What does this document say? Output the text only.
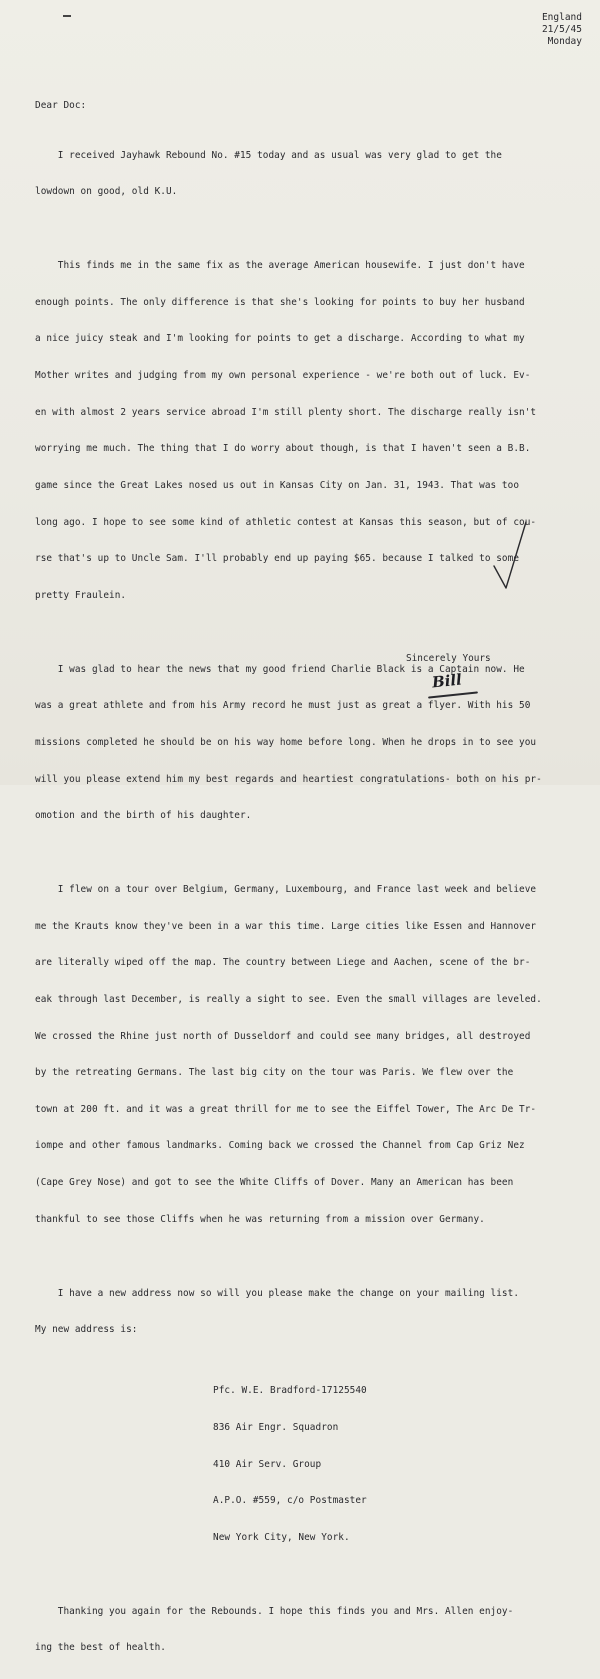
England
21/5/45
Monday
Dear Doc:

I received Jayhawk Rebound No. #15 today and as usual was very glad to get the

lowdown on good, old K.U.

This finds me in the same fix as the average American housewife. I just don't have

enough points. The only difference is that she's looking for points to buy her husband

a nice juicy steak and I'm looking for points to get a discharge. According to what my

Mother writes and judging from my own personal experience - we're both out of luck. Ev-

en with almost 2 years service abroad I'm still plenty short. The discharge really isn't

worrying me much. The thing that I do worry about though, is that I haven't seen a B.B.

game since the Great Lakes nosed us out in Kansas City on Jan. 31, 1943. That was too

long ago. I hope to see some kind of athletic contest at Kansas this season, but of cou-

rse that's up to Uncle Sam. I'll probably end up paying $65. because I talked to some

pretty Fraulein.

I was glad to hear the news that my good friend Charlie Black is a Captain now. He

was a great athlete and from his Army record he must just as great a flyer. With his 50

missions completed he should be on his way home before long. When he drops in to see you

will you please extend him my best regards and heartiest congratulations- both on his pr-

omotion and the birth of his daughter.

I flew on a tour over Belgium, Germany, Luxembourg, and France last week and believe

me the Krauts know they've been in a war this time. Large cities like Essen and Hannover

are literally wiped off the map. The country between Liege and Aachen, scene of the br-

eak through last December, is really a sight to see. Even the small villages are leveled.

We crossed the Rhine just north of Dusseldorf and could see many bridges, all destroyed

by the retreating Germans. The last big city on the tour was Paris. We flew over the

town at 200 ft. and it was a great thrill for me to see the Eiffel Tower, The Arc De Tr-

iompe and other famous landmarks. Coming back we crossed the Channel from Cap Griz Nez

(Cape Grey Nose) and got to see the White Cliffs of Dover. Many an American has been

thankful to see those Cliffs when he was returning from a mission over Germany.

I have a new address now so will you please make the change on your mailing list.

My new address is:

Pfc. W.E. Bradford-17125540

836 Air Engr. Squadron

410 Air Serv. Group

A.P.O. #559, c/o Postmaster

New York City, New York.

Thanking you again for the Rebounds. I hope this finds you and Mrs. Allen enjoy-

ing the best of health.

Sincerely Yours
Bill
